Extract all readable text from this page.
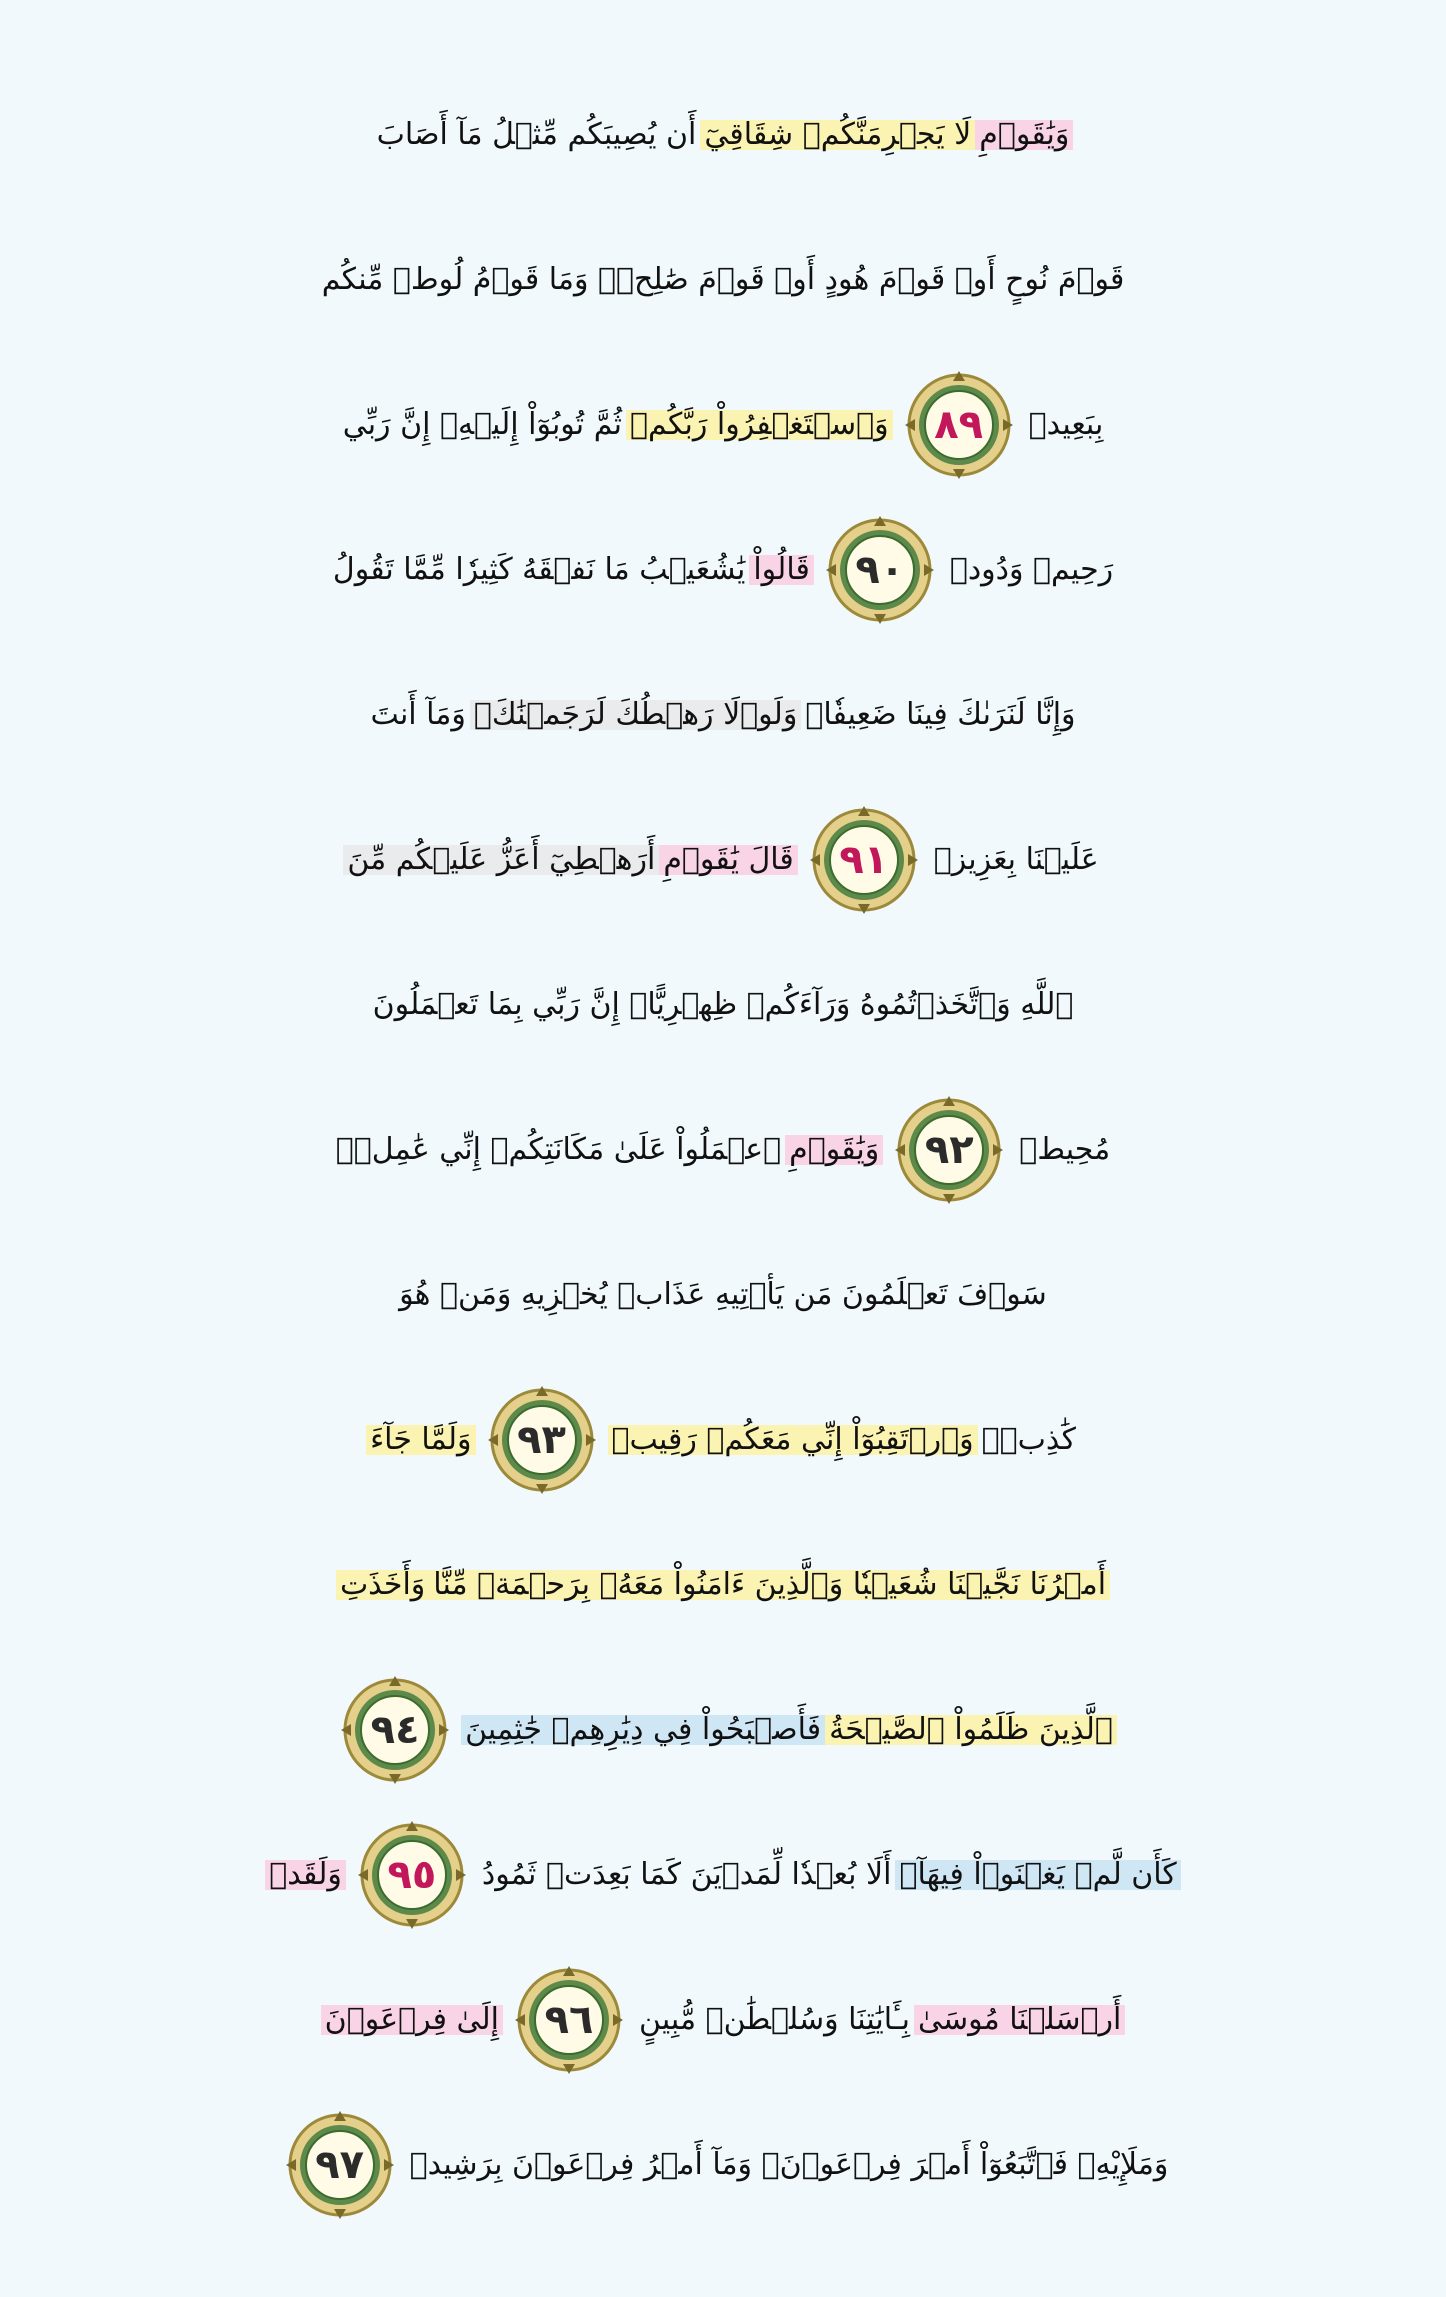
وَيَٰقَوۡمِ
لَا يَجۡرِمَنَّكُمۡ شِقَاقِيٓ
أَن يُصِيبَكُم مِّثۡلُ مَآ أَصَابَ
قَوۡمَ نُوحٍ أَوۡ قَوۡمَ هُودٍ أَوۡ قَوۡمَ صَٰلِحٖۚ وَمَا قَوۡمُ لُوطٖ مِّنكُم
بِبَعِيدٖ
٨٩
وَٱسۡتَغۡفِرُواْ رَبَّكُمۡ
ثُمَّ تُوبُوٓاْ إِلَيۡهِۚ إِنَّ رَبِّي
رَحِيمٞ وَدُودٞ
٩٠
قَالُواْ
يَٰشُعَيۡبُ مَا نَفۡقَهُ كَثِيرٗا مِّمَّا تَقُولُ
وَإِنَّا لَنَرَىٰكَ فِينَا ضَعِيفٗاۖ
وَلَوۡلَا رَهۡطُكَ لَرَجَمۡنَٰكَۖ
وَمَآ أَنتَ
عَلَيۡنَا بِعَزِيزٖ
٩١
قَالَ يَٰقَوۡمِ
أَرَهۡطِيٓ أَعَزُّ عَلَيۡكُم مِّنَ
ٱللَّهِ وَٱتَّخَذۡتُمُوهُ وَرَآءَكُمۡ ظِهۡرِيًّاۖ إِنَّ رَبِّي بِمَا تَعۡمَلُونَ
مُحِيطٞ
٩٢
وَيَٰقَوۡمِ
ٱعۡمَلُواْ عَلَىٰ مَكَانَتِكُمۡ إِنِّي عَٰمِلٞۖ
سَوۡفَ تَعۡلَمُونَ مَن يَأۡتِيهِ عَذَابٞ يُخۡزِيهِ وَمَنۡ هُوَ
كَٰذِبٞۖ
وَٱرۡتَقِبُوٓاْ إِنِّي مَعَكُمۡ رَقِيبٞ
٩٣
وَلَمَّا جَآءَ
أَمۡرُنَا نَجَّيۡنَا شُعَيۡبٗا وَٱلَّذِينَ ءَامَنُواْ مَعَهُۥ بِرَحۡمَةٖ مِّنَّا
وَأَخَذَتِ
ٱلَّذِينَ ظَلَمُواْ ٱلصَّيۡحَةُ
فَأَصۡبَحُواْ فِي دِيَٰرِهِمۡ جَٰثِمِينَ
٩٤
كَأَن لَّمۡ يَغۡنَوۡاْ فِيهَآۗ
أَلَا بُعۡدٗا لِّمَدۡيَنَ كَمَا بَعِدَتۡ ثَمُودُ
٩٥
وَلَقَدۡ
أَرۡسَلۡنَا مُوسَىٰ
بِـَٔايَٰتِنَا وَسُلۡطَٰنٖ مُّبِينٍ
٩٦
إِلَىٰ فِرۡعَوۡنَ
وَمَلَإِيْهِۦ فَٱتَّبَعُوٓاْ أَمۡرَ فِرۡعَوۡنَۖ وَمَآ أَمۡرُ فِرۡعَوۡنَ بِرَشِيدٖ
٩٧
